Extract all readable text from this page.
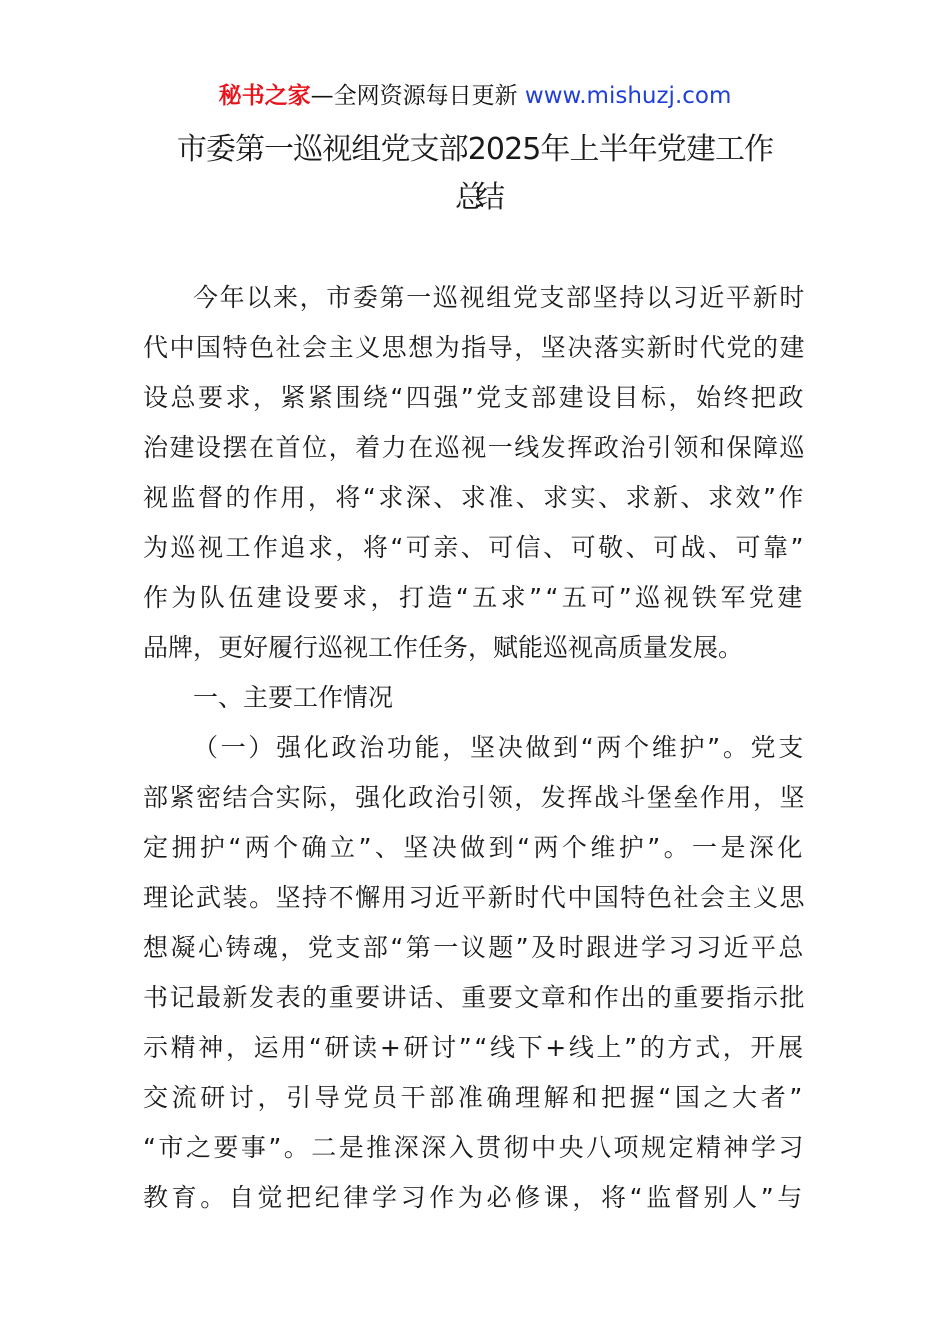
秘书之家—全网资源每日更新 www.mishuzj.com
市委第一巡视组党支部2025年上半年党建工作
总结
今年以来，市委第一巡视组党支部坚持以习近平新时
代中国特色社会主义思想为指导，坚决落实新时代党的建
设总要求，紧紧围绕“四强”党支部建设目标，始终把政
治建设摆在首位，着力在巡视一线发挥政治引领和保障巡
视监督的作用，将“求深、求准、求实、求新、求效”作
为巡视工作追求，将“可亲、可信、可敬、可战、可靠”
作为队伍建设要求，打造“五求”“五可”巡视铁军党建
品牌，更好履行巡视工作任务，赋能巡视高质量发展。
一、主要工作情况
（一）强化政治功能，坚决做到“两个维护”。党支
部紧密结合实际，强化政治引领，发挥战斗堡垒作用，坚
定拥护“两个确立”、坚决做到“两个维护”。一是深化
理论武装。坚持不懈用习近平新时代中国特色社会主义思
想凝心铸魂，党支部“第一议题”及时跟进学习习近平总
书记最新发表的重要讲话、重要文章和作出的重要指示批
示精神，运用“研读+研讨”“线下+线上”的方式，开展
交流研讨，引导党员干部准确理解和把握“国之大者”
“市之要事”。二是推深深入贯彻中央八项规定精神学习
教育。自觉把纪律学习作为必修课，将“监督别人”与
